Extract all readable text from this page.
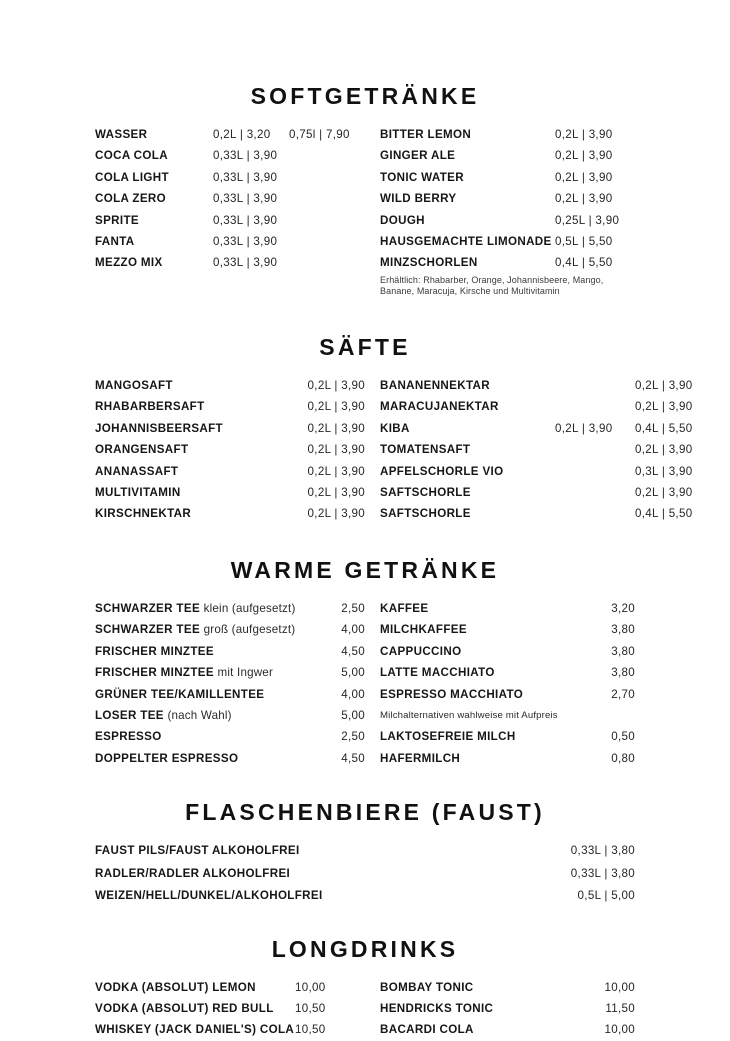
SOFTGETRÄNKE
WASSER	0,2L | 3,20	0,75l | 7,90
COCA COLA	0,33L | 3,90
COLA LIGHT	0,33L | 3,90
COLA ZERO	0,33L | 3,90
SPRITE	0,33L | 3,90
FANTA	0,33L | 3,90
MEZZO MIX	0,33L | 3,90
BITTER LEMON	0,2L | 3,90
GINGER ALE	0,2L | 3,90
TONIC WATER	0,2L | 3,90
WILD BERRY	0,2L | 3,90
DOUGH	0,25L | 3,90
HAUSGEMACHTE LIMONADE 0,5L | 5,50
MINZSCHORLEN	0,4L | 5,50
Erhältlich: Rhabarber, Orange, Johannisbeere, Mango, Banane, Maracuja, Kirsche und Multivitamin
SÄFTE
MANGOSAFT	0,2L | 3,90
RHABARBERSAFT	0,2L | 3,90
JOHANNISBEERSAFT	0,2L | 3,90
ORANGENSAFT	0,2L | 3,90
ANANASSAFT	0,2L | 3,90
MULTIVITAMIN	0,2L | 3,90
KIRSCHNEKTAR	0,2L | 3,90
BANANENNEKTAR	0,2L | 3,90
MARACUJANEKTAR	0,2L | 3,90
KIBA	0,2L | 3,90	0,4L | 5,50
TOMATENSAFT	0,2L | 3,90
APFELSCHORLE VIO	0,3L | 3,90
SAFTSCHORLE	0,2L | 3,90
SAFTSCHORLE	0,4L | 5,50
WARME GETRÄNKE
SCHWARZER TEE klein (aufgesetzt)	2,50
SCHWARZER TEE groß (aufgesetzt)	4,00
FRISCHER MINZTEE	4,50
FRISCHER MINZTEE mit Ingwer	5,00
GRÜNER TEE/KAMILLENTEE	4,00
LOSER TEE (nach Wahl)	5,00
ESPRESSO	2,50
DOPPELTER ESPRESSO	4,50
KAFFEE	3,20
MILCHKAFFEE	3,80
CAPPUCCINO	3,80
LATTE MACCHIATO	3,80
ESPRESSO MACCHIATO	2,70
Milchalternativen wahlweise mit Aufpreis
LAKTOSEFREIE MILCH	0,50
HAFERMILCH	0,80
FLASCHENBIERE (FAUST)
FAUST PILS/FAUST ALKOHOLFREI	0,33L | 3,80
RADLER/RADLER ALKOHOLFREI	0,33L | 3,80
WEIZEN/HELL/DUNKEL/ALKOHOLFREI	0,5L | 5,00
LONGDRINKS
VODKA (ABSOLUT) LEMON	10,00
VODKA (ABSOLUT) RED BULL	10,50
WHISKEY (JACK DANIEL'S) COLA 10,50
BOMBAY TONIC	10,00
HENDRICKS TONIC	11,50
BACARDI COLA	10,00
